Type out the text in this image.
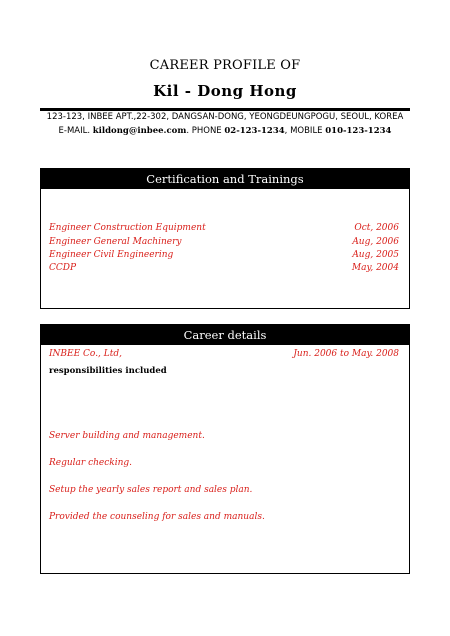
CAREER PROFILE OF
Kil - Dong Hong
123-123, INBEE APT.,22-302, DANGSAN-DONG, YEONGDEUNGPOGU, SEOUL, KOREA
E-MAIL. kildong@inbee.com. PHONE 02-123-1234, MOBILE 010-123-1234
Certification and Trainings
Engineer Construction Equipment	Oct, 2006
Engineer General Machinery	Aug, 2006
Engineer Civil Engineering	Aug, 2005
CCDP	May, 2004
Career details
INBEE Co., Ltd,	Jun. 2006 to May. 2008
responsibilities included
Server building and management.
Regular checking.
Setup the yearly sales report and sales plan.
Provided the counseling for sales and manuals.
